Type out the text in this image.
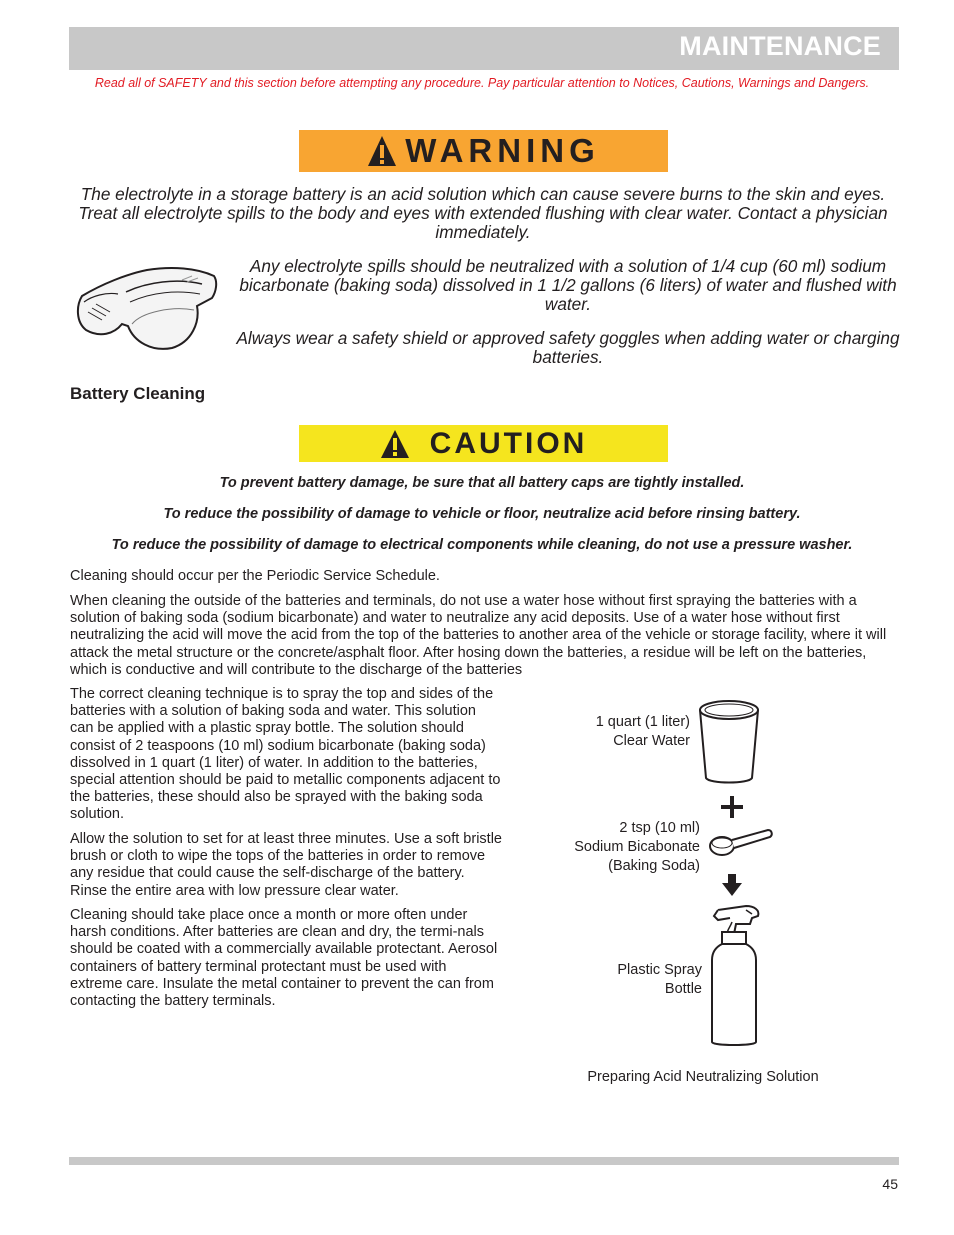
MAINTENANCE
Read all of SAFETY and this section before attempting any procedure. Pay particular attention to Notices, Cautions, Warnings and Dangers.
WARNING
The electrolyte in a storage battery is an acid solution which can cause severe burns to the skin and eyes. Treat all electrolyte spills to the body and eyes with extended flushing with clear water. Contact a physician immediately.
Any electrolyte spills should be neutralized with a solution of 1/4 cup (60 ml) sodium bicarbonate (baking soda) dissolved in 1 1/2 gallons (6 liters) of water and flushed with water.
Always wear a safety shield or approved safety goggles when adding water or charging batteries.
Battery Cleaning
CAUTION
To prevent battery damage, be sure that all battery caps are tightly installed.
To reduce the possibility of damage to vehicle or floor, neutralize acid before rinsing battery.
To reduce the possibility of damage to electrical components while cleaning, do not use a pressure washer.
Cleaning should occur per the Periodic Service Schedule.
When cleaning the outside of the batteries and terminals, do not use a water hose without first spraying the batteries with a solution of baking soda (sodium bicarbonate) and water to neutralize any acid deposits. Use of a water hose without first neutralizing the acid will move the acid from the top of the batteries to another area of the vehicle or storage facility, where it will attack the metal structure or the concrete/asphalt floor. After hosing down the batteries, a residue will be left on the batteries, which is conductive and will contribute to the discharge of the batteries
The correct cleaning technique is to spray the top and sides of the batteries with a solution of baking soda and water. This solution can be applied with a plastic spray bottle. The solution should consist of 2 teaspoons (10 ml) sodium bicarbonate (baking soda) dissolved in 1 quart (1 liter) of water. In addition to the batteries, special attention should be paid to metallic components adjacent to the batteries, these should also be sprayed with the baking soda solution.
Allow the solution to set for at least three minutes. Use a soft bristle brush or cloth to wipe the tops of the batteries in order to remove any residue that could cause the self-discharge of the battery. Rinse the entire area with low pressure clear water.
Cleaning should take place once a month or more often under harsh conditions. After batteries are clean and dry, the termi-nals should be coated with a commercially available protectant. Aerosol containers of battery terminal protectant must be used with extreme care. Insulate the metal container to prevent the can from contacting the battery terminals.
1 quart (1 liter)
Clear Water
2 tsp (10 ml)
Sodium Bicabonate
(Baking Soda)
Plastic Spray
Bottle
Preparing Acid Neutralizing Solution
45
